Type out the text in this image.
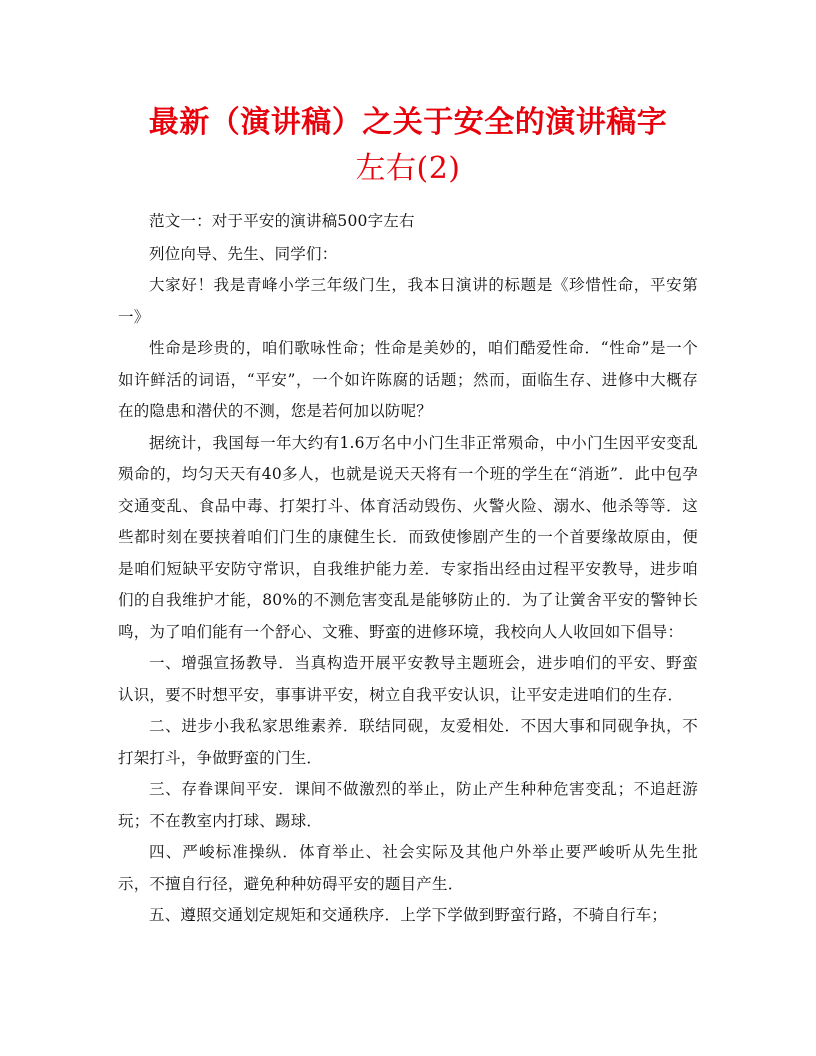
最新（演讲稿）之关于安全的演讲稿字
左右(2)

范文一：对于平安的演讲稿500字左右

列位向导、先生、同学们：

大家好！我是青峰小学三年级门生，我本日演讲的标题是《珍惜性命，平安第一》

性命是珍贵的，咱们歌咏性命；性命是美妙的，咱们酷爱性命．“性命”是一个如许鲜活的词语，“平安”，一个如许陈腐的话题；然而，面临生存、进修中大概存在的隐患和潜伏的不测，您是若何加以防呢？

据统计，我国每一年大约有1.6万名中小门生非正常殒命，中小门生因平安变乱殒命的，均匀天天有40多人，也就是说天天将有一个班的学生在“消逝”．此中包孕交通变乱、食品中毒、打架打斗、体育活动毁伤、火警火险、溺水、他杀等等．这些都时刻在要挟着咱们门生的康健生长．而致使惨剧产生的一个首要缘故原由，便是咱们短缺平安防守常识，自我维护能力差．专家指出经由过程平安教导，进步咱们的自我维护才能，80%的不测危害变乱是能够防止的．为了让黉舍平安的警钟长鸣，为了咱们能有一个舒心、文雅、野蛮的进修环境，我校向人人收回如下倡导：

一、增强宣扬教导．当真构造开展平安教导主题班会，进步咱们的平安、野蛮认识，要不时想平安，事事讲平安，树立自我平安认识，让平安走进咱们的生存．

二、进步小我私家思维素养．联结同砚，友爱相处．不因大事和同砚争执，不打架打斗，争做野蛮的门生．

三、存眷课间平安．课间不做激烈的举止，防止产生种种危害变乱；不追赶游玩；不在教室内打球、踢球．

四、严峻标准操纵．体育举止、社会实际及其他户外举止要严峻听从先生批示，不擅自行径，避免种种妨碍平安的题目产生．

五、遵照交通划定规矩和交通秩序．上学下学做到野蛮行路，不骑自行车；
